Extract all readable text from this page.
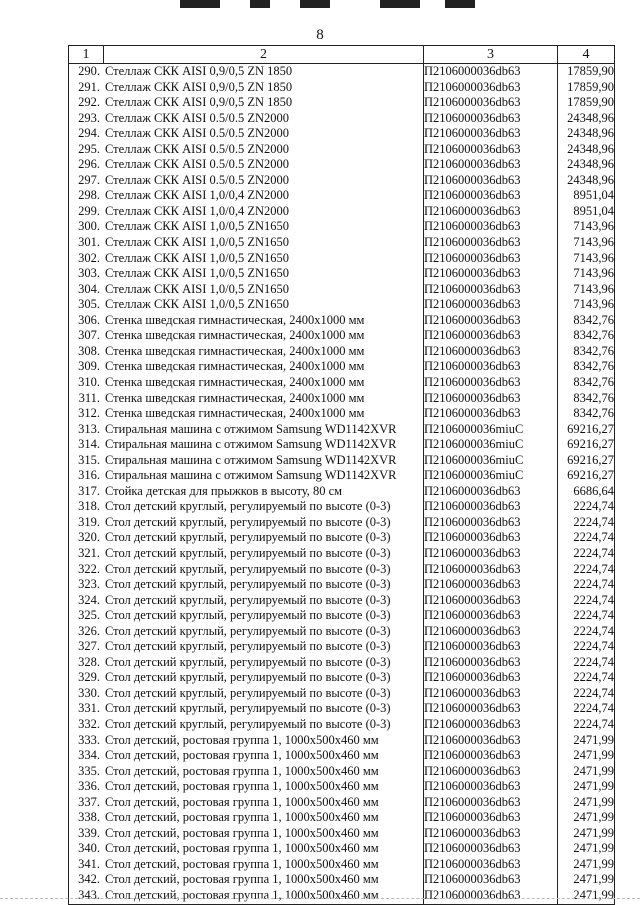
8
1	2	3	4
290. Стеллаж СКК AISI 0,9/0,5 ZN 1850		П2106000036db63	17859,90
291. Стеллаж СКК AISI 0,9/0,5 ZN 1850		П2106000036db63	17859,90
292. Стеллаж СКК AISI 0,9/0,5 ZN 1850		П2106000036db63	17859,90
293. Стеллаж СКК AISI 0.5/0.5 ZN2000		П2106000036db63	24348,96
294. Стеллаж СКК AISI 0.5/0.5 ZN2000		П2106000036db63	24348,96
295. Стеллаж СКК AISI 0.5/0.5 ZN2000		П2106000036db63	24348,96
296. Стеллаж СКК AISI 0.5/0.5 ZN2000		П2106000036db63	24348,96
297. Стеллаж СКК AISI 0.5/0.5 ZN2000		П2106000036db63	24348,96
298. Стеллаж СКК AISI 1,0/0,4 ZN2000		П2106000036db63	8951,04
299. Стеллаж СКК AISI 1,0/0,4 ZN2000		П2106000036db63	8951,04
300. Стеллаж СКК AISI 1,0/0,5 ZN1650		П2106000036db63	7143,96
301. Стеллаж СКК AISI 1,0/0,5 ZN1650		П2106000036db63	7143,96
302. Стеллаж СКК AISI 1,0/0,5 ZN1650		П2106000036db63	7143,96
303. Стеллаж СКК AISI 1,0/0,5 ZN1650		П2106000036db63	7143,96
304. Стеллаж СКК AISI 1,0/0,5 ZN1650		П2106000036db63	7143,96
305. Стеллаж СКК AISI 1,0/0,5 ZN1650		П2106000036db63	7143,96
306. Стенка шведская гимнастическая, 2400х1000 мм		П2106000036db63	8342,76
307. Стенка шведская гимнастическая, 2400х1000 мм		П2106000036db63	8342,76
308. Стенка шведская гимнастическая, 2400х1000 мм		П2106000036db63	8342,76
309. Стенка шведская гимнастическая, 2400х1000 мм		П2106000036db63	8342,76
310. Стенка шведская гимнастическая, 2400х1000 мм		П2106000036db63	8342,76
311. Стенка шведская гимнастическая, 2400х1000 мм		П2106000036db63	8342,76
312. Стенка шведская гимнастическая, 2400х1000 мм		П2106000036db63	8342,76
313. Стиральная машина с отжимом Samsung WD1142XVR		П2106000036miuC	69216,27
314. Стиральная машина с отжимом Samsung WD1142XVR		П2106000036miuC	69216,27
315. Стиральная машина с отжимом Samsung WD1142XVR		П2106000036miuC	69216,27
316. Стиральная машина с отжимом Samsung WD1142XVR		П2106000036miuC	69216,27
317. Стойка детская для прыжков в высоту, 80 см		П2106000036db63	6686,64
318. Стол детский круглый, регулируемый по высоте (0-3)		П2106000036db63	2224,74
319. Стол детский круглый, регулируемый по высоте (0-3)		П2106000036db63	2224,74
320. Стол детский круглый, регулируемый по высоте (0-3)		П2106000036db63	2224,74
321. Стол детский круглый, регулируемый по высоте (0-3)		П2106000036db63	2224,74
322. Стол детский круглый, регулируемый по высоте (0-3)		П2106000036db63	2224,74
323. Стол детский круглый, регулируемый по высоте (0-3)		П2106000036db63	2224,74
324. Стол детский круглый, регулируемый по высоте (0-3)		П2106000036db63	2224,74
325. Стол детский круглый, регулируемый по высоте (0-3)		П2106000036db63	2224,74
326. Стол детский круглый, регулируемый по высоте (0-3)		П2106000036db63	2224,74
327. Стол детский круглый, регулируемый по высоте (0-3)		П2106000036db63	2224,74
328. Стол детский круглый, регулируемый по высоте (0-3)		П2106000036db63	2224,74
329. Стол детский круглый, регулируемый по высоте (0-3)		П2106000036db63	2224,74
330. Стол детский круглый, регулируемый по высоте (0-3)		П2106000036db63	2224,74
331. Стол детский круглый, регулируемый по высоте (0-3)		П2106000036db63	2224,74
332. Стол детский круглый, регулируемый по высоте (0-3)		П2106000036db63	2224,74
333. Стол детский, ростовая группа 1, 1000х500х460 мм		П2106000036db63	2471,99
334. Стол детский, ростовая группа 1, 1000х500х460 мм		П2106000036db63	2471,99
335. Стол детский, ростовая группа 1, 1000х500х460 мм		П2106000036db63	2471,99
336. Стол детский, ростовая группа 1, 1000х500х460 мм		П2106000036db63	2471,99
337. Стол детский, ростовая группа 1, 1000х500х460 мм		П2106000036db63	2471,99
338. Стол детский, ростовая группа 1, 1000х500х460 мм		П2106000036db63	2471,99
339. Стол детский, ростовая группа 1, 1000х500х460 мм		П2106000036db63	2471,99
340. Стол детский, ростовая группа 1, 1000х500х460 мм		П2106000036db63	2471,99
341. Стол детский, ростовая группа 1, 1000х500х460 мм		П2106000036db63	2471,99
342. Стол детский, ростовая группа 1, 1000х500х460 мм		П2106000036db63	2471,99
343. Стол детский, ростовая группа 1, 1000х500х460 мм		П2106000036db63	2471,99
